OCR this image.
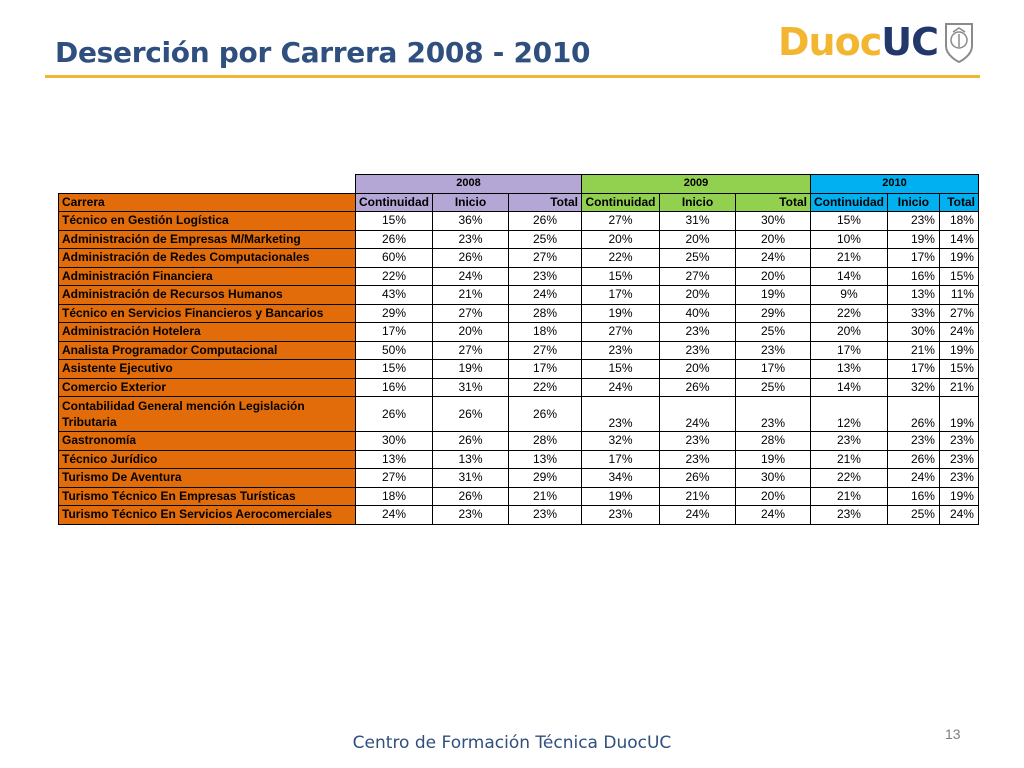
Deserción por Carrera 2008 - 2010	Duoc UC
	2008			2009			2010		
Carrera	Continuidad	Inicio	Total	Continuidad	Inicio	Total	Continuidad	Inicio	Total
Técnico en Gestión Logística	15%	36%	26%	27%	31%	30%	15%	23%	18%
Administración de Empresas M/Marketing	26%	23%	25%	20%	20%	20%	10%	19%	14%
Administración de Redes Computacionales	60%	26%	27%	22%	25%	24%	21%	17%	19%
Administración Financiera	22%	24%	23%	15%	27%	20%	14%	16%	15%
Administración de Recursos Humanos	43%	21%	24%	17%	20%	19%	9%	13%	11%
Técnico en Servicios Financieros y Bancarios	29%	27%	28%	19%	40%	29%	22%	33%	27%
Administración Hotelera	17%	20%	18%	27%	23%	25%	20%	30%	24%
Analista Programador Computacional	50%	27%	27%	23%	23%	23%	17%	21%	19%
Asistente Ejecutivo	15%	19%	17%	15%	20%	17%	13%	17%	15%
Comercio Exterior	16%	31%	22%	24%	26%	25%	14%	32%	21%
Contabilidad General mención Legislación Tributaria	26%	26%	26%	23%	24%	23%	12%	26%	19%
Gastronomía	30%	26%	28%	32%	23%	28%	23%	23%	23%
Técnico Jurídico	13%	13%	13%	17%	23%	19%	21%	26%	23%
Turismo De Aventura	27%	31%	29%	34%	26%	30%	22%	24%	23%
Turismo Técnico En Empresas Turísticas	18%	26%	21%	19%	21%	20%	21%	16%	19%
Turismo Técnico En Servicios Aerocomerciales	24%	23%	23%	23%	24%	24%	23%	25%	24%
13
Centro de Formación Técnica DuocUC
